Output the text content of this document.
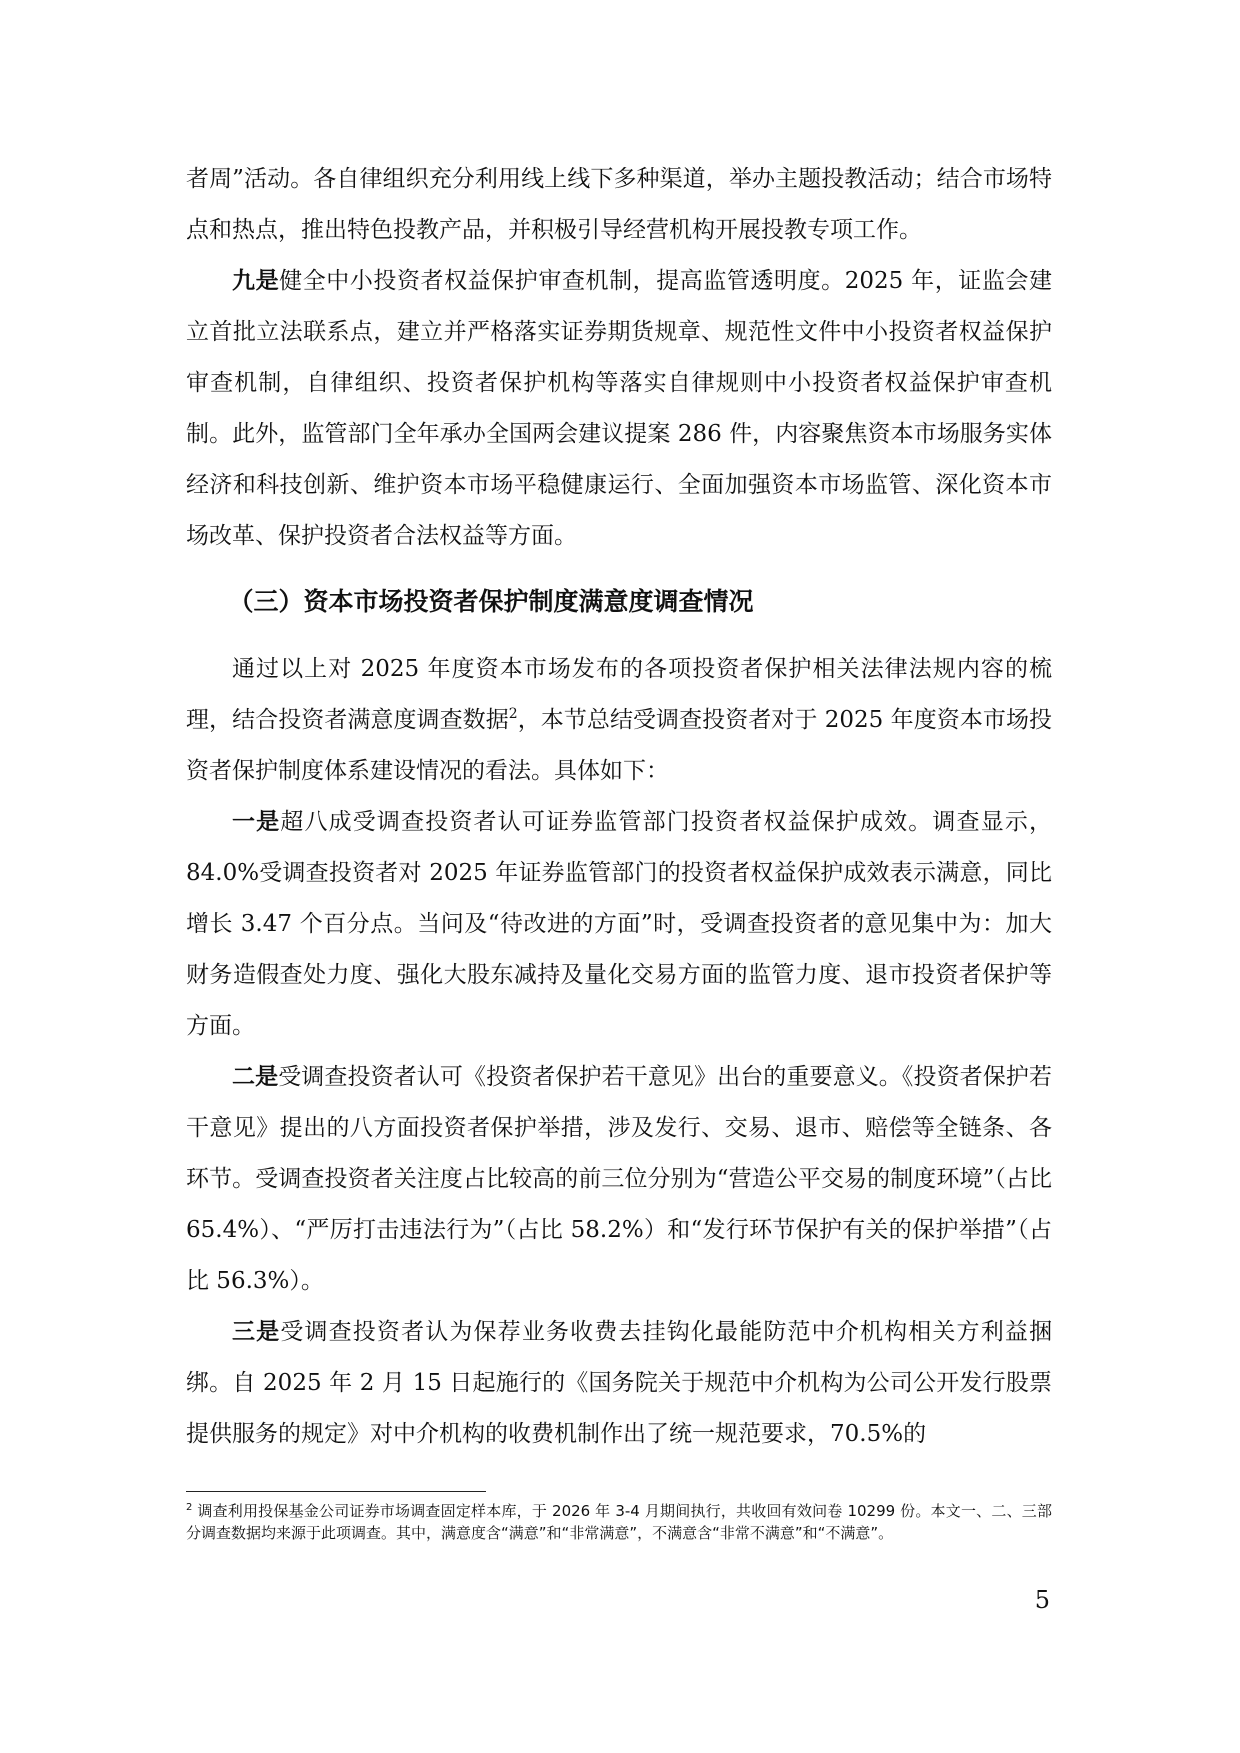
者周”活动。各自律组织充分利用线上线下多种渠道，举办主题投教活动；结合市场特点和热点，推出特色投教产品，并积极引导经营机构开展投教专项工作。

九是健全中小投资者权益保护审查机制，提高监管透明度。2025 年，证监会建立首批立法联系点，建立并严格落实证券期货规章、规范性文件中小投资者权益保护审查机制，自律组织、投资者保护机构等落实自律规则中小投资者权益保护审查机制。此外，监管部门全年承办全国两会建议提案 286 件，内容聚焦资本市场服务实体经济和科技创新、维护资本市场平稳健康运行、全面加强资本市场监管、深化资本市场改革、保护投资者合法权益等方面。

（三）资本市场投资者保护制度满意度调查情况

通过以上对 2025 年度资本市场发布的各项投资者保护相关法律法规内容的梳理，结合投资者满意度调查数据$^2$，本节总结受调查投资者对于 2025 年度资本市场投资者保护制度体系建设情况的看法。具体如下：

一是超八成受调查投资者认可证券监管部门投资者权益保护成效。调查显示，84.0%受调查投资者对 2025 年证券监管部门的投资者权益保护成效表示满意，同比增长 3.47 个百分点。当问及“待改进的方面”时，受调查投资者的意见集中为：加大财务造假查处力度、强化大股东减持及量化交易方面的监管力度、退市投资者保护等方面。

二是受调查投资者认可《投资者保护若干意见》出台的重要意义。《投资者保护若干意见》提出的八方面投资者保护举措，涉及发行、交易、退市、赔偿等全链条、各环节。受调查投资者关注度占比较高的前三位分别为“营造公平交易的制度环境”（占比 65.4%）、“严厉打击违法行为”（占比 58.2%）和“发行环节保护有关的保护举措”（占比 56.3%）。

三是受调查投资者认为保荐业务收费去挂钩化最能防范中介机构相关方利益捆绑。自 2025 年 2 月 15 日起施行的《国务院关于规范中介机构为公司公开发行股票提供服务的规定》对中介机构的收费机制作出了统一规范要求，70.5%的

$^2$ 调查利用投保基金公司证券市场调查固定样本库，于 2026 年 3-4 月期间执行，共收回有效问卷 10299 份。本文一、二、三部分调查数据均来源于此项调查。其中，满意度含“满意”和“非常满意”，不满意含“非常不满意”和“不满意”。
5
